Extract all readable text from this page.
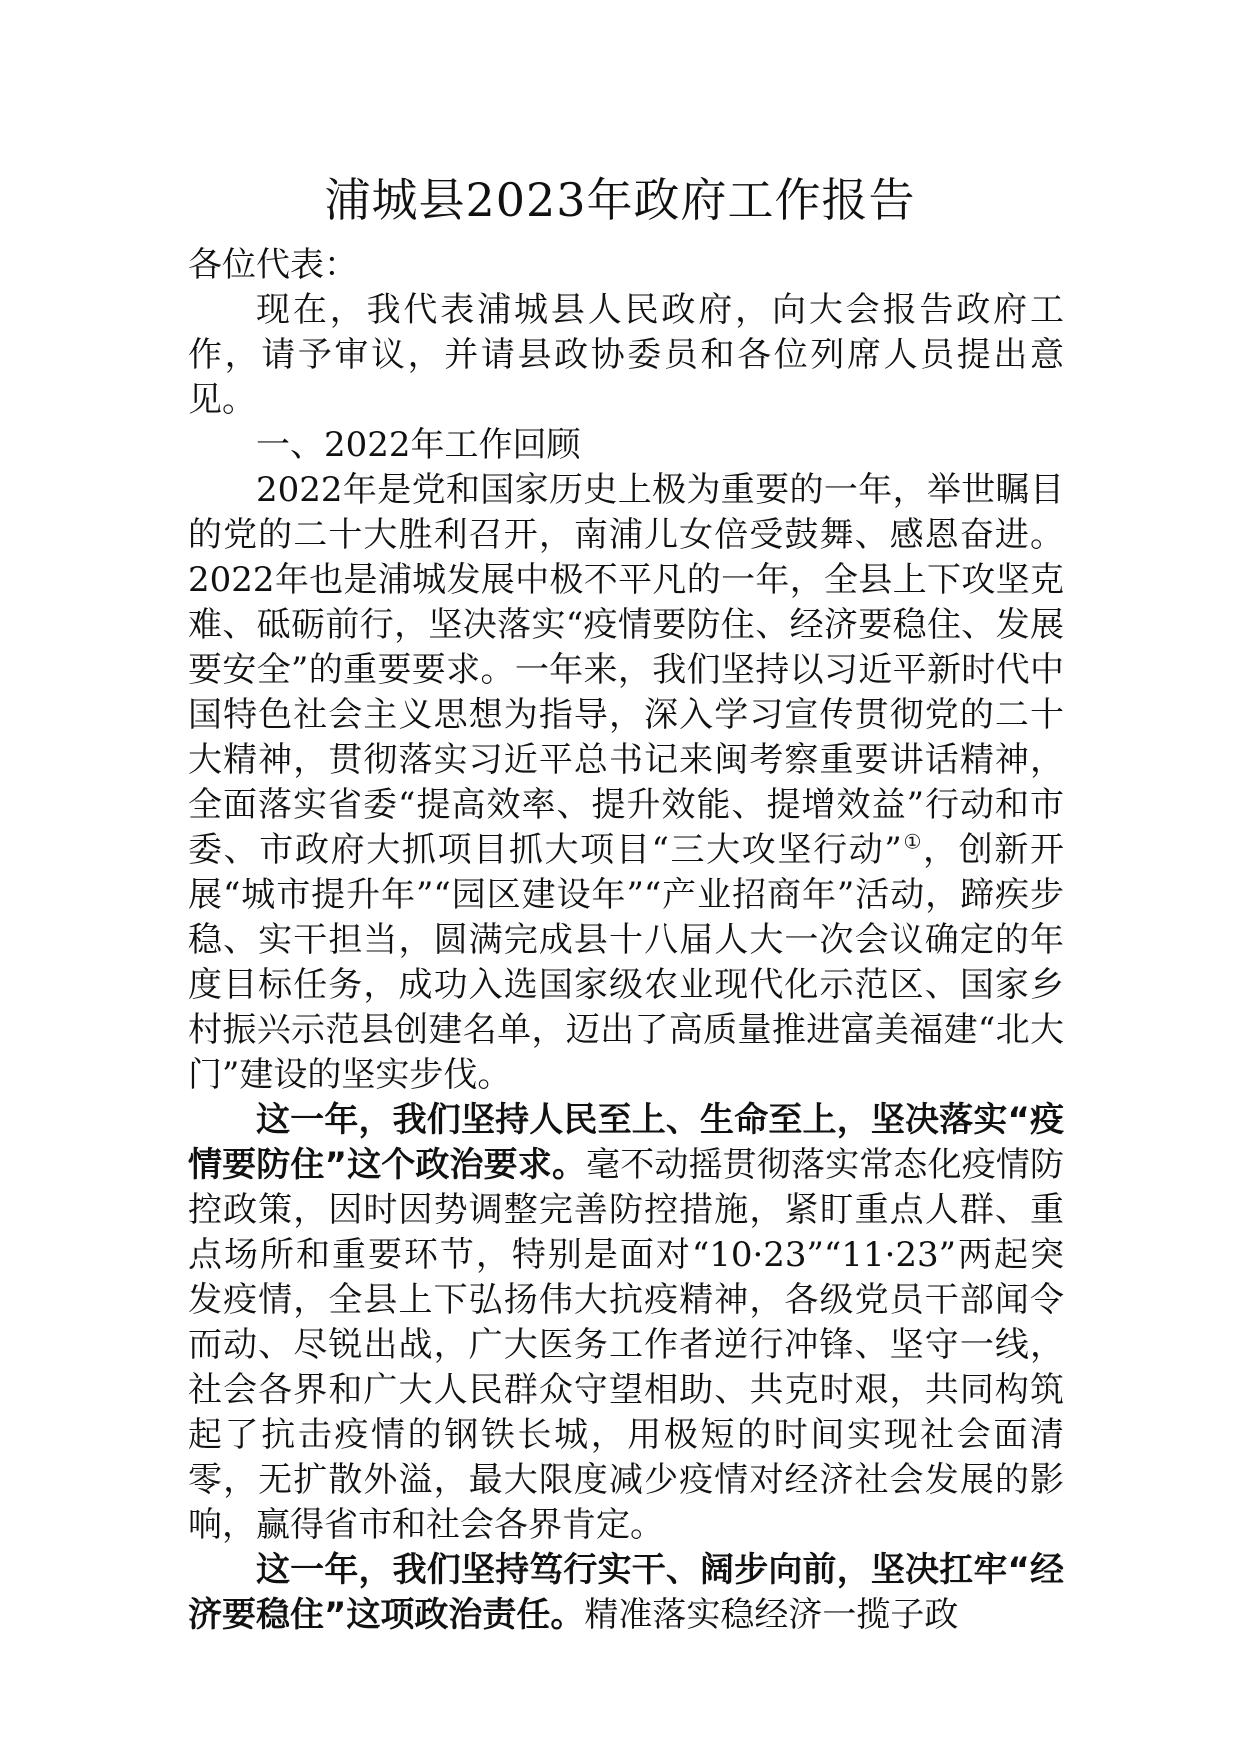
浦城县2023年政府工作报告

各位代表：

现在，我代表浦城县人民政府，向大会报告政府工作，请予审议，并请县政协委员和各位列席人员提出意见。

一、2022年工作回顾

2022年是党和国家历史上极为重要的一年，举世瞩目的党的二十大胜利召开，南浦儿女倍受鼓舞、感恩奋进。2022年也是浦城发展中极不平凡的一年，全县上下攻坚克难、砥砺前行，坚决落实“疫情要防住、经济要稳住、发展要安全”的重要要求。一年来，我们坚持以习近平新时代中国特色社会主义思想为指导，深入学习宣传贯彻党的二十大精神，贯彻落实习近平总书记来闽考察重要讲话精神，全面落实省委“提高效率、提升效能、提增效益”行动和市委、市政府大抓项目抓大项目“三大攻坚行动”①，创新开展“城市提升年”“园区建设年”“产业招商年”活动，蹄疾步稳、实干担当，圆满完成县十八届人大一次会议确定的年度目标任务，成功入选国家级农业现代化示范区、国家乡村振兴示范县创建名单，迈出了高质量推进富美福建“北大门”建设的坚实步伐。

这一年，我们坚持人民至上、生命至上，坚决落实“疫情要防住”这个政治要求。毫不动摇贯彻落实常态化疫情防控政策，因时因势调整完善防控措施，紧盯重点人群、重点场所和重要环节，特别是面对“10·23”“11·23”两起突发疫情，全县上下弘扬伟大抗疫精神，各级党员干部闻令而动、尽锐出战，广大医务工作者逆行冲锋、坚守一线，社会各界和广大人民群众守望相助、共克时艰，共同构筑起了抗击疫情的钢铁长城，用极短的时间实现社会面清零，无扩散外溢，最大限度减少疫情对经济社会发展的影响，赢得省市和社会各界肯定。

这一年，我们坚持笃行实干、阔步向前，坚决扛牢“经济要稳住”这项政治责任。精准落实稳经济一揽子政
